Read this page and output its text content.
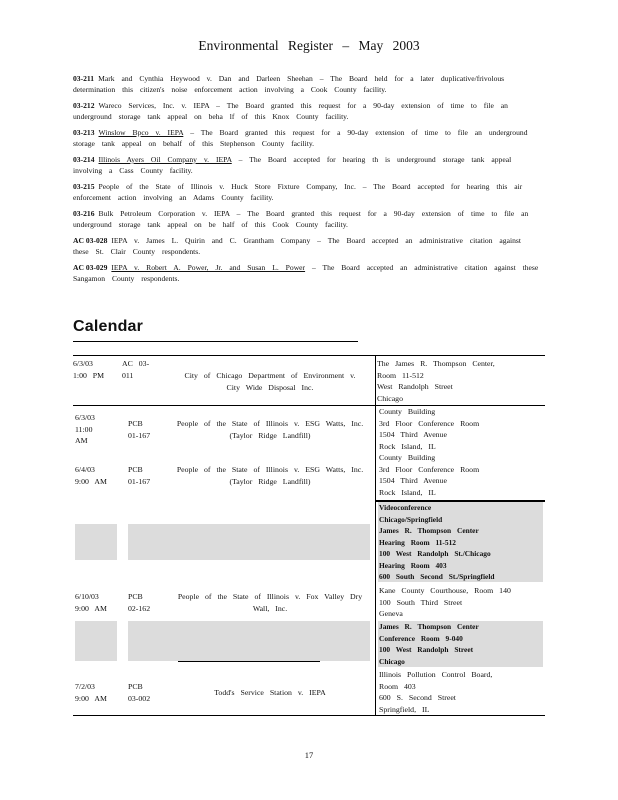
Environmental Register – May 2003
03-211 Mark and Cynthia Heywood v. Dan and Darleen Sheehan – The Board held for a later duplicative/frivolous determination this citizen's noise enforcement action involving a Cook County facility.
03-212 Wareco Services, Inc. v. IEPA – The Board granted this request for a 90-day extension of time to file an underground storage tank appeal on beha lf of this Knox County facility.
03-213 Winslow Bpco v. IEPA – The Board granted this request for a 90-day extension of time to file an underground storage tank appeal on behalf of this Stephenson County facility.
03-214 Illinois Ayers Oil Company v. IEPA – The Board accepted for hearing th is underground storage tank appeal involving a Cass County facility.
03-215 People of the State of Illinois v. Huck Store Fixture Company, Inc. – The Board accepted for hearing this air enforcement action involving an Adams County facility.
03-216 Bulk Petroleum Corporation v. IEPA – The Board granted this request for a 90-day extension of time to file an underground storage tank appeal on be half of this Cook County facility.
AC 03-028 IEPA v. James L. Quirin and C. Grantham Company – The Board accepted an administrative citation against these St. Clair County respondents.
AC 03-029 IEPA v. Robert A. Power, Jr. and Susan L. Power – The Board accepted an administrative citation against these Sangamon County respondents.
Calendar
6/3/03
1:00 PM
AC 03-
011	City of Chicago Department of Environment v.
City Wide Disposal Inc.
The James R. Thompson Center,
Room 11-512
West Randolph Street
Chicago
6/3/03
11:00
AM
PCB
01-167
People of the State of Illinois v. ESG Watts, Inc.
(Taylor Ridge Landfill)
County Building
3rd Floor Conference Room
1504 Third Avenue
Rock Island, IL
6/4/03
9:00 AM
PCB
01-167
People of the State of Illinois v. ESG Watts, Inc.
(Taylor Ridge Landfill)
County Building
3rd Floor Conference Room
1504 Third Avenue
Rock Island, IL
Videoconference
Chicago/Springfield
James R. Thompson Center
Hearing Room 11-512
100 West Randolph St./Chicago
Hearing Room 403
600 South Second St./Springfield
6/10/03
9:00 AM
PCB
02-162
People of the State of Illinois v. Fox Valley Dry
Wall, Inc.
Kane County Courthouse, Room 140
100 South Third Street
Geneva
James R. Thompson Center
Conference Room 9-040
100 West Randolph Street
Chicago
7/2/03
9:00 AM
PCB
03-002
Todd's Service Station v. IEPA
Illinois Pollution Control Board,
Room 403
600 S. Second Street
Springfield, IL
17
